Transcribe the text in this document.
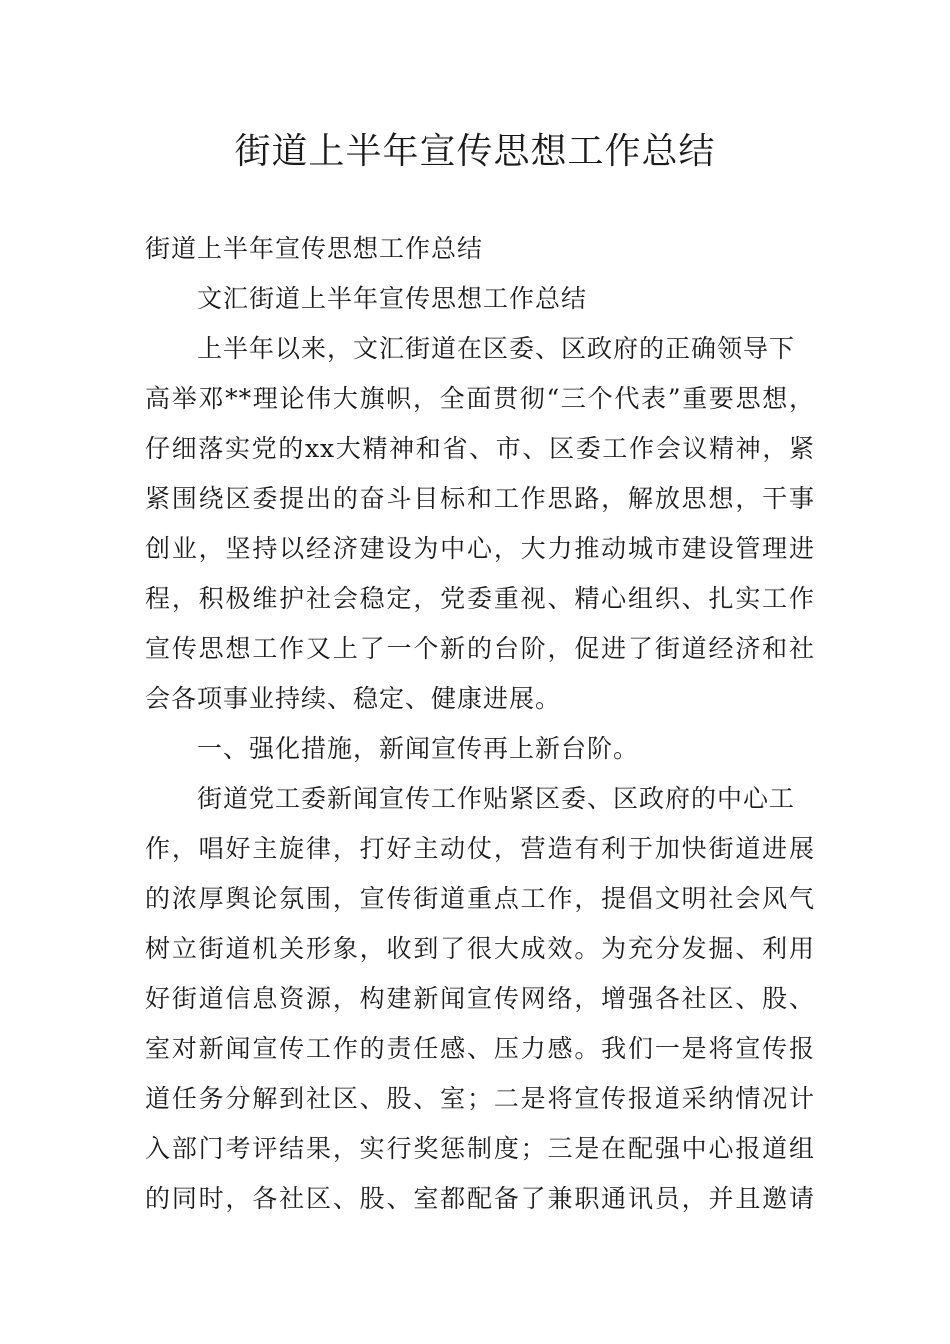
街道上半年宣传思想工作总结
街道上半年宣传思想工作总结
文汇街道上半年宣传思想工作总结
上半年以来，文汇街道在区委、区政府的正确领导下
高举邓**理论伟大旗帜，全面贯彻“三个代表”重要思想，
仔细落实党的xx大精神和省、市、区委工作会议精神，紧
紧围绕区委提出的奋斗目标和工作思路，解放思想，干事
创业，坚持以经济建设为中心，大力推动城市建设管理进
程，积极维护社会稳定，党委重视、精心组织、扎实工作
宣传思想工作又上了一个新的台阶，促进了街道经济和社
会各项事业持续、稳定、健康进展。
一、强化措施，新闻宣传再上新台阶。
街道党工委新闻宣传工作贴紧区委、区政府的中心工
作，唱好主旋律，打好主动仗，营造有利于加快街道进展
的浓厚舆论氛围，宣传街道重点工作，提倡文明社会风气
树立街道机关形象，收到了很大成效。为充分发掘、利用
好街道信息资源，构建新闻宣传网络，增强各社区、股、
室对新闻宣传工作的责任感、压力感。我们一是将宣传报
道任务分解到社区、股、室；二是将宣传报道采纳情况计
入部门考评结果，实行奖惩制度；三是在配强中心报道组
的同时，各社区、股、室都配备了兼职通讯员，并且邀请
